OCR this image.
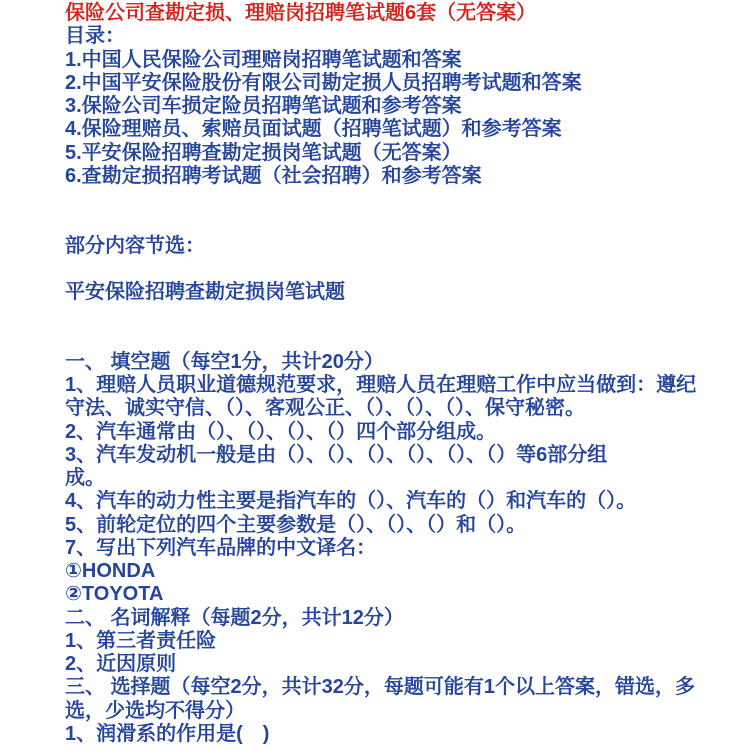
保险公司查勘定损、理赔岗招聘笔试题6套（无答案）
目录：
1.中国人民保险公司理赔岗招聘笔试题和答案
2.中国平安保险股份有限公司勘定损人员招聘考试题和答案
3.保险公司车损定险员招聘笔试题和参考答案
4.保险理赔员、索赔员面试题（招聘笔试题）和参考答案
5.平安保险招聘查勘定损岗笔试题（无答案）
6.查勘定损招聘考试题（社会招聘）和参考答案
部分内容节选：
平安保险招聘查勘定损岗笔试题
一、 填空题（每空1分，共计20分）
1、理赔人员职业道德规范要求，理赔人员在理赔工作中应当做到：遵纪
守法、诚实守信、（）、客观公正、（）、（）、（）、保守秘密。
2、汽车通常由（）、（）、（）、（）四个部分组成。
3、汽车发动机一般是由（）、（）、（）、（）、（）、（）等6部分组
成。
4、汽车的动力性主要是指汽车的（）、汽车的（）和汽车的（）。
5、前轮定位的四个主要参数是（）、（）、（）和（）。
7、写出下列汽车品牌的中文译名：
①HONDA
②TOYOTA
二、 名词解释（每题2分，共计12分）
1、第三者责任险
2、近因原则
三、 选择题（每空2分，共计32分，每题可能有1个以上答案，错选，多
选，少选均不得分）
1、润滑系的作用是(　)
